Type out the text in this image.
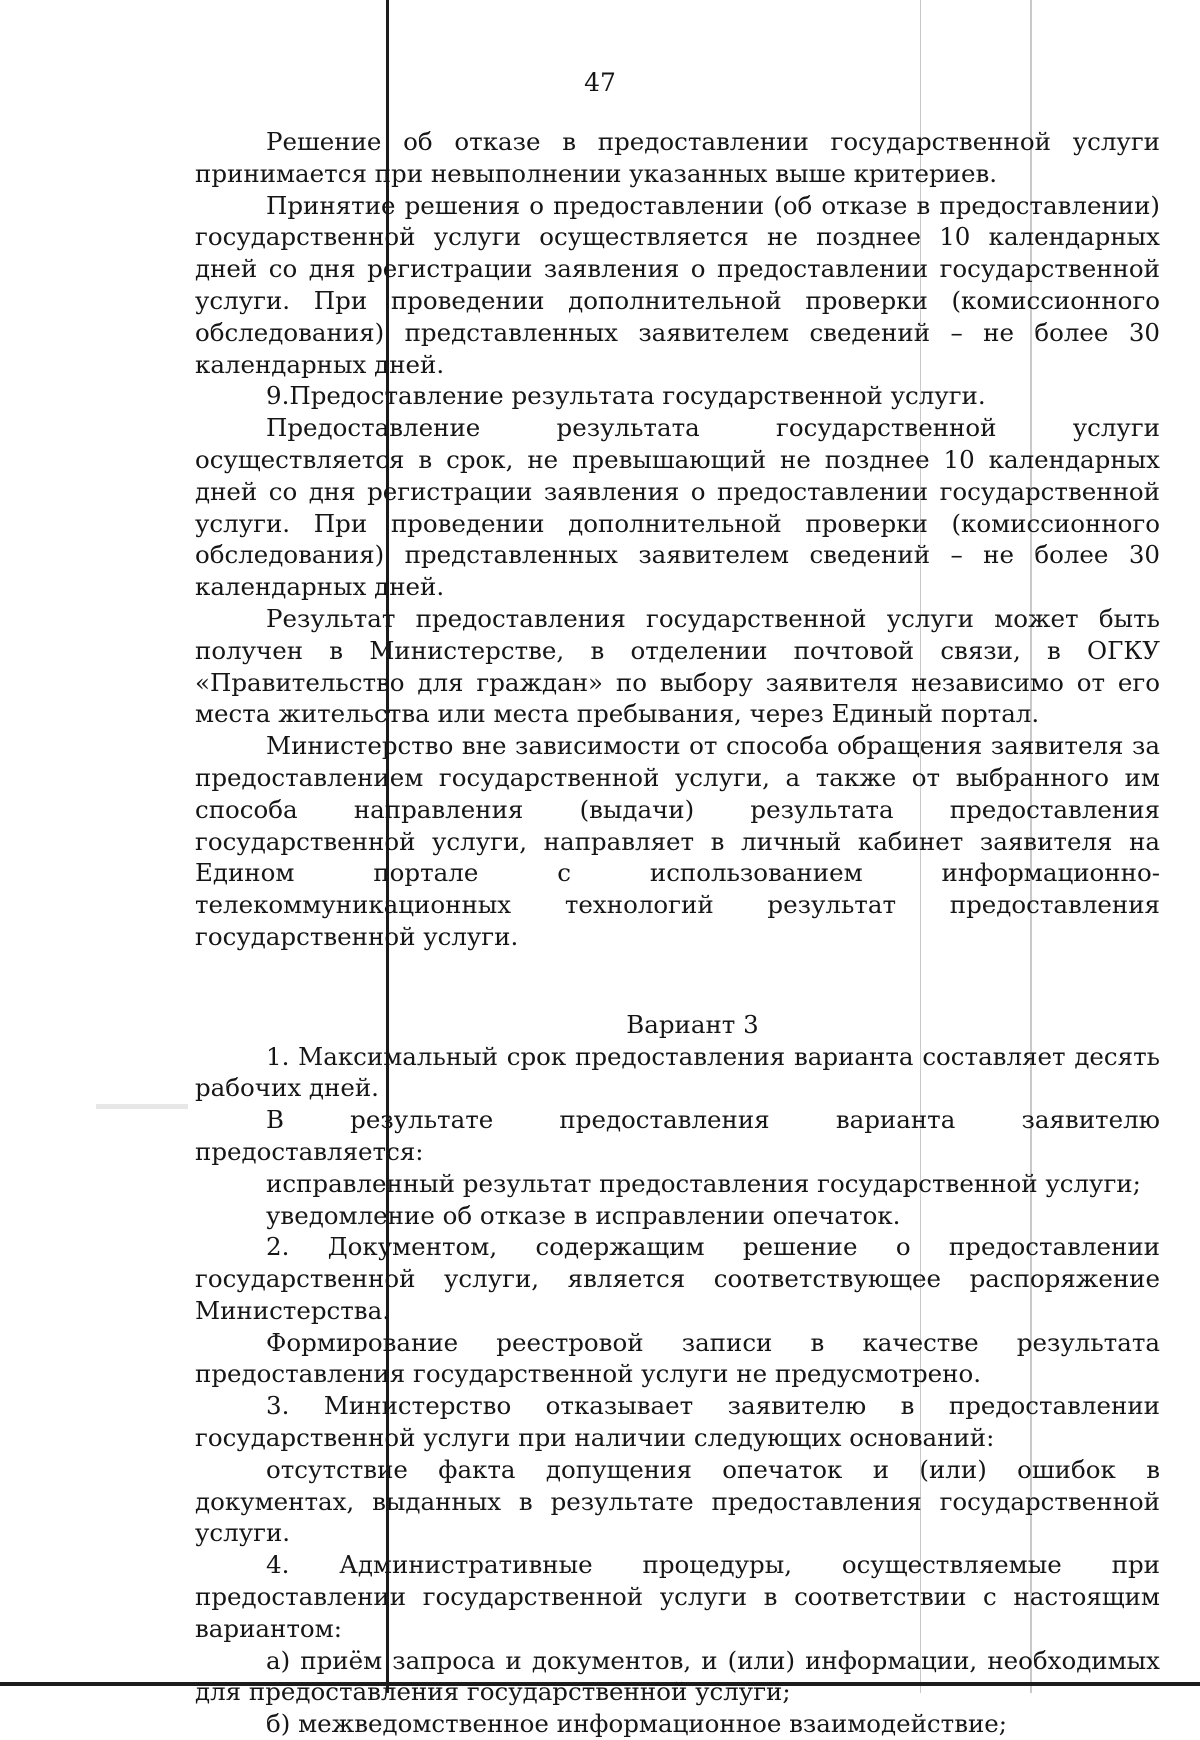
47

Решение об отказе в предоставлении государственной услуги принимается при невыполнении указанных выше критериев.

Принятие решения о предоставлении (об отказе в предоставлении) государственной услуги осуществляется не позднее 10 календарных дней со дня регистрации заявления о предоставлении государственной услуги. При проведении дополнительной проверки (комиссионного обследования) представленных заявителем сведений – не более 30 календарных дней.

9.Предоставление результата государственной услуги.

Предоставление результата государственной услуги осуществляется в срок, не превышающий не позднее 10 календарных дней со дня регистрации заявления о предоставлении государственной услуги. При проведении дополнительной проверки (комиссионного обследования) представленных заявителем сведений – не более 30 календарных дней.

Результат предоставления государственной услуги может быть получен в Министерстве, в отделении почтовой связи, в ОГКУ «Правительство для граждан» по выбору заявителя независимо от его места жительства или места пребывания, через Единый портал.

Министерство вне зависимости от способа обращения заявителя за предоставлением государственной услуги, а также от выбранного им способа направления (выдачи) результата предоставления государственной услуги, направляет в личный кабинет заявителя на Едином портале с использованием информационно-телекоммуникационных технологий результат предоставления государственной услуги.

Вариант 3

1. Максимальный срок предоставления варианта составляет десять рабочих дней.

В результате предоставления варианта заявителю предоставляется:

исправленный результат предоставления государственной услуги;

уведомление об отказе в исправлении опечаток.

2. Документом, содержащим решение о предоставлении государственной услуги, является соответствующее распоряжение Министерства.

Формирование реестровой записи в качестве результата предоставления государственной услуги не предусмотрено.

3. Министерство отказывает заявителю в предоставлении государственной услуги при наличии следующих оснований:

отсутствие факта допущения опечаток и (или) ошибок в документах, выданных в результате предоставления государственной услуги.

4. Административные процедуры, осуществляемые при предоставлении государственной услуги в соответствии с настоящим вариантом:

а) приём запроса и документов, и (или) информации, необходимых для предоставления государственной услуги;

б) межведомственное информационное взаимодействие;
